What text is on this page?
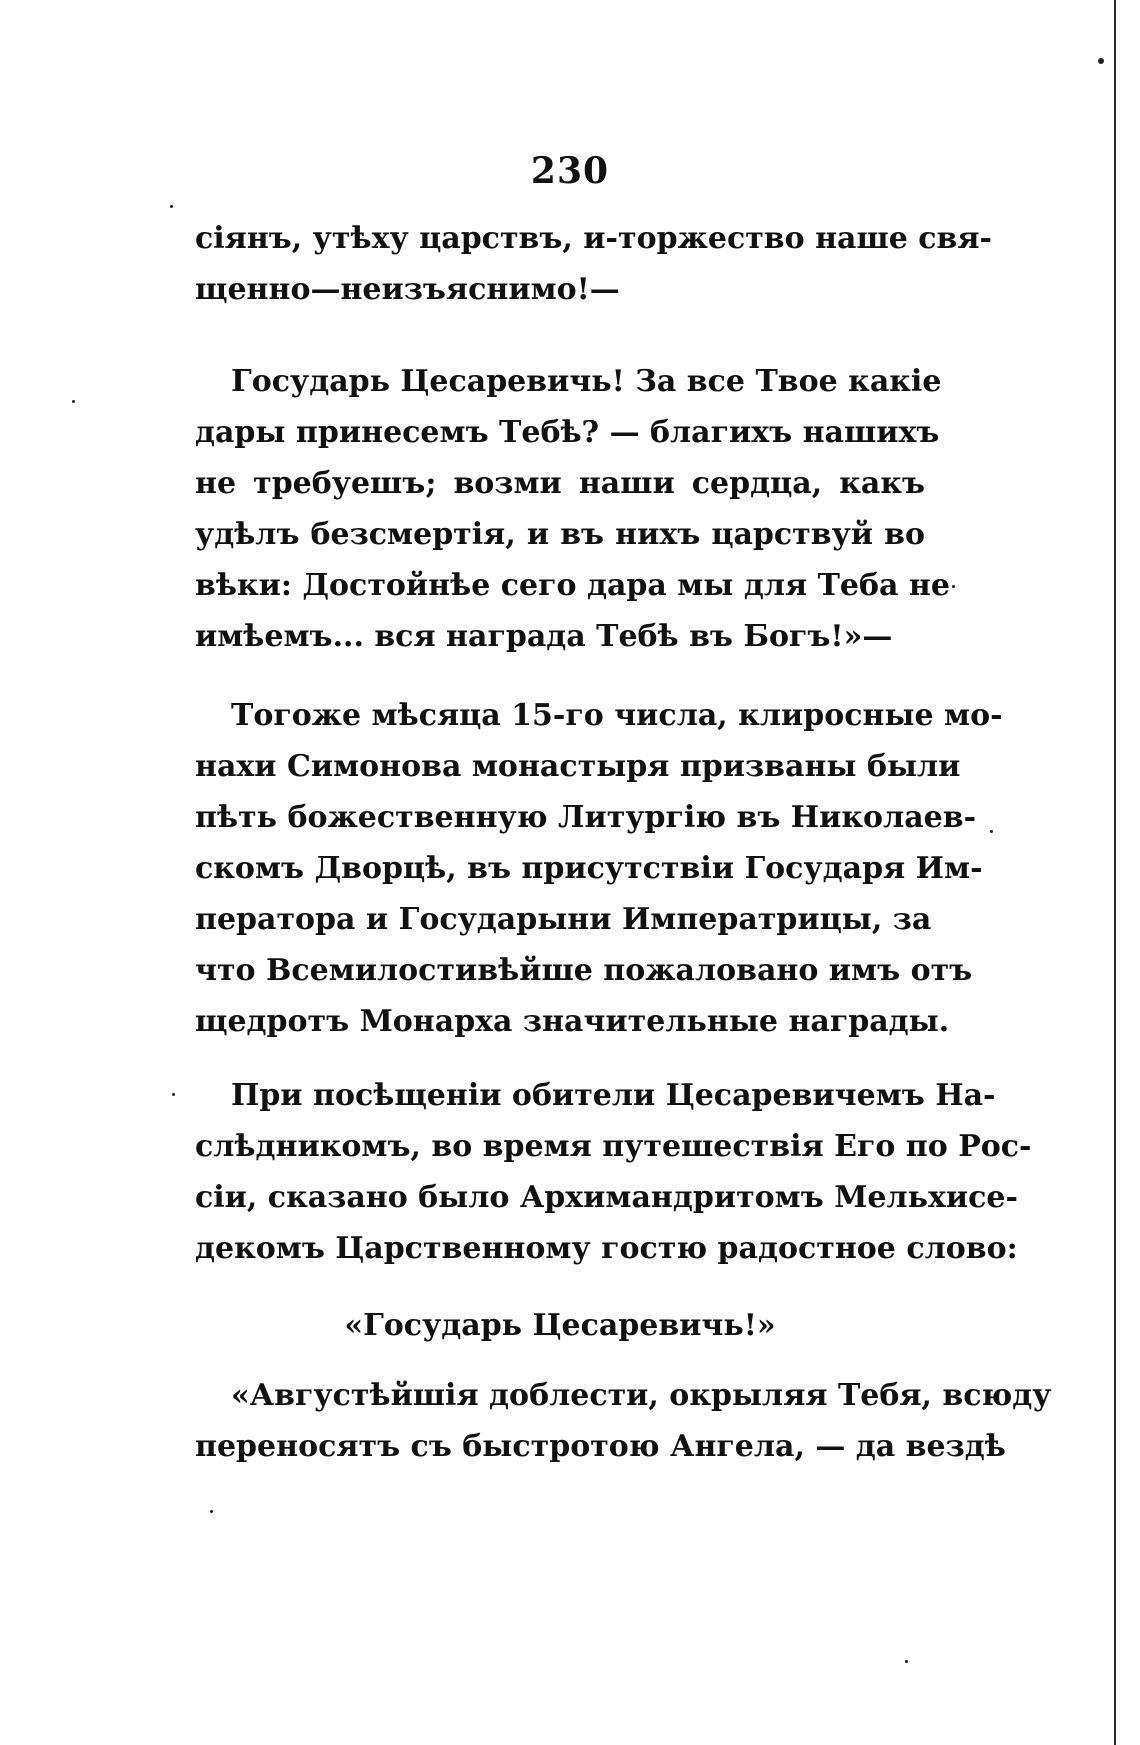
230
сiянъ, утѣху царствъ, и-торжество наше свя-
щенно—неизъяснимо!—
Государь Цесаревичь! За все Твое какiе
дары принесемъ Тебѣ? — благихъ нашихъ
не требуешъ; возми наши сердца, какъ
удѣлъ безсмертiя, и въ нихъ царствуй во
вѣки: Достойнѣе сего дара мы для Теба не
имѣемъ... вся награда Тебѣ въ Богъ!»—
Тогоже мѣсяца 15-го числа, клиросные мо-
нахи Симонова монастыря призваны были
пѣть божественную Литургiю въ Николаев-
скомъ Дворцѣ, въ присутствiи Государя Им-
ператора и Государыни Императрицы, за
что Всемилостивѣйше пожаловано имъ отъ
щедротъ Монарха значительные награды.
При посѣщенiи обители Цесаревичемъ На-
слѣдникомъ, во время путешествiя Его по Рос-
сiи, сказано было Архимандритомъ Мельхисе-
декомъ Царственному гостю радостное слово:
«Государь Цесаревичь!»
«Августѣйшiя доблести, окрыляя Тебя, всюду
переносятъ съ быстротою Ангела, — да вездѣ
